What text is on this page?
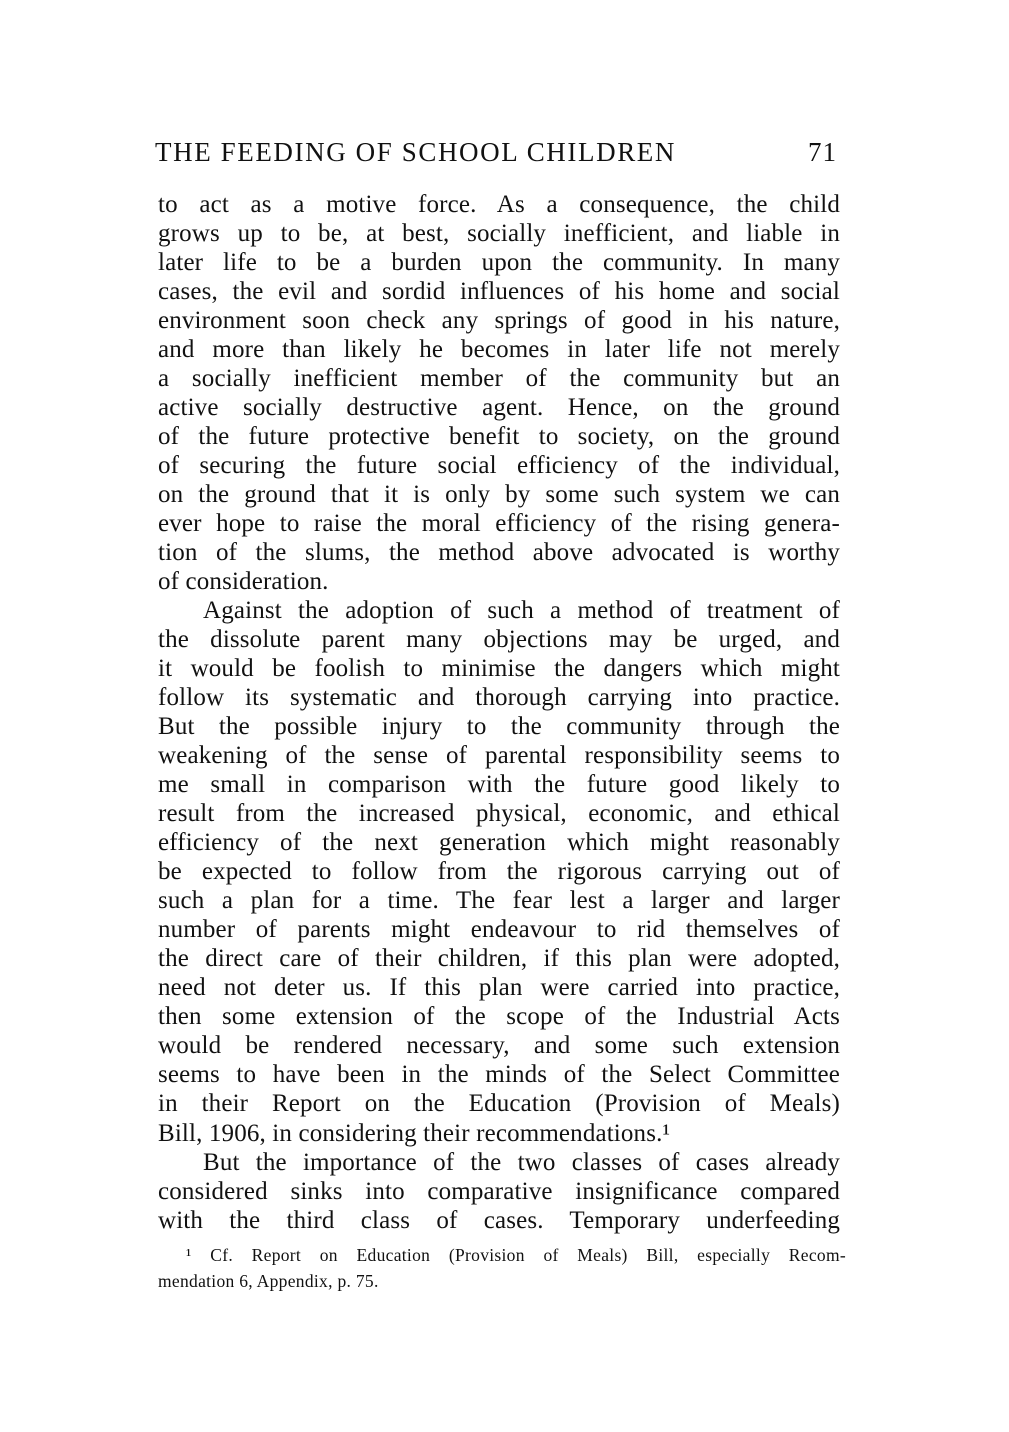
THE FEEDING OF SCHOOL CHILDREN	71
to act as a motive force. As a consequence, the child
grows up to be, at best, socially inefficient, and liable in
later life to be a burden upon the community. In many
cases, the evil and sordid influences of his home and social
environment soon check any springs of good in his nature,
and more than likely he becomes in later life not merely
a socially inefficient member of the community but an
active socially destructive agent. Hence, on the ground
of the future protective benefit to society, on the ground
of securing the future social efficiency of the individual,
on the ground that it is only by some such system we can
ever hope to raise the moral efficiency of the rising genera-
tion of the slums, the method above advocated is worthy
of consideration.
Against the adoption of such a method of treatment of
the dissolute parent many objections may be urged, and
it would be foolish to minimise the dangers which might
follow its systematic and thorough carrying into practice.
But the possible injury to the community through the
weakening of the sense of parental responsibility seems to
me small in comparison with the future good likely to
result from the increased physical, economic, and ethical
efficiency of the next generation which might reasonably
be expected to follow from the rigorous carrying out of
such a plan for a time. The fear lest a larger and larger
number of parents might endeavour to rid themselves of
the direct care of their children, if this plan were adopted,
need not deter us. If this plan were carried into practice,
then some extension of the scope of the Industrial Acts
would be rendered necessary, and some such extension
seems to have been in the minds of the Select Committee
in their Report on the Education (Provision of Meals)
Bill, 1906, in considering their recommendations.¹
But the importance of the two classes of cases already
considered sinks into comparative insignificance compared
with the third class of cases. Temporary underfeeding
¹ Cf. Report on Education (Provision of Meals) Bill, especially Recom-
mendation 6, Appendix, p. 75.
